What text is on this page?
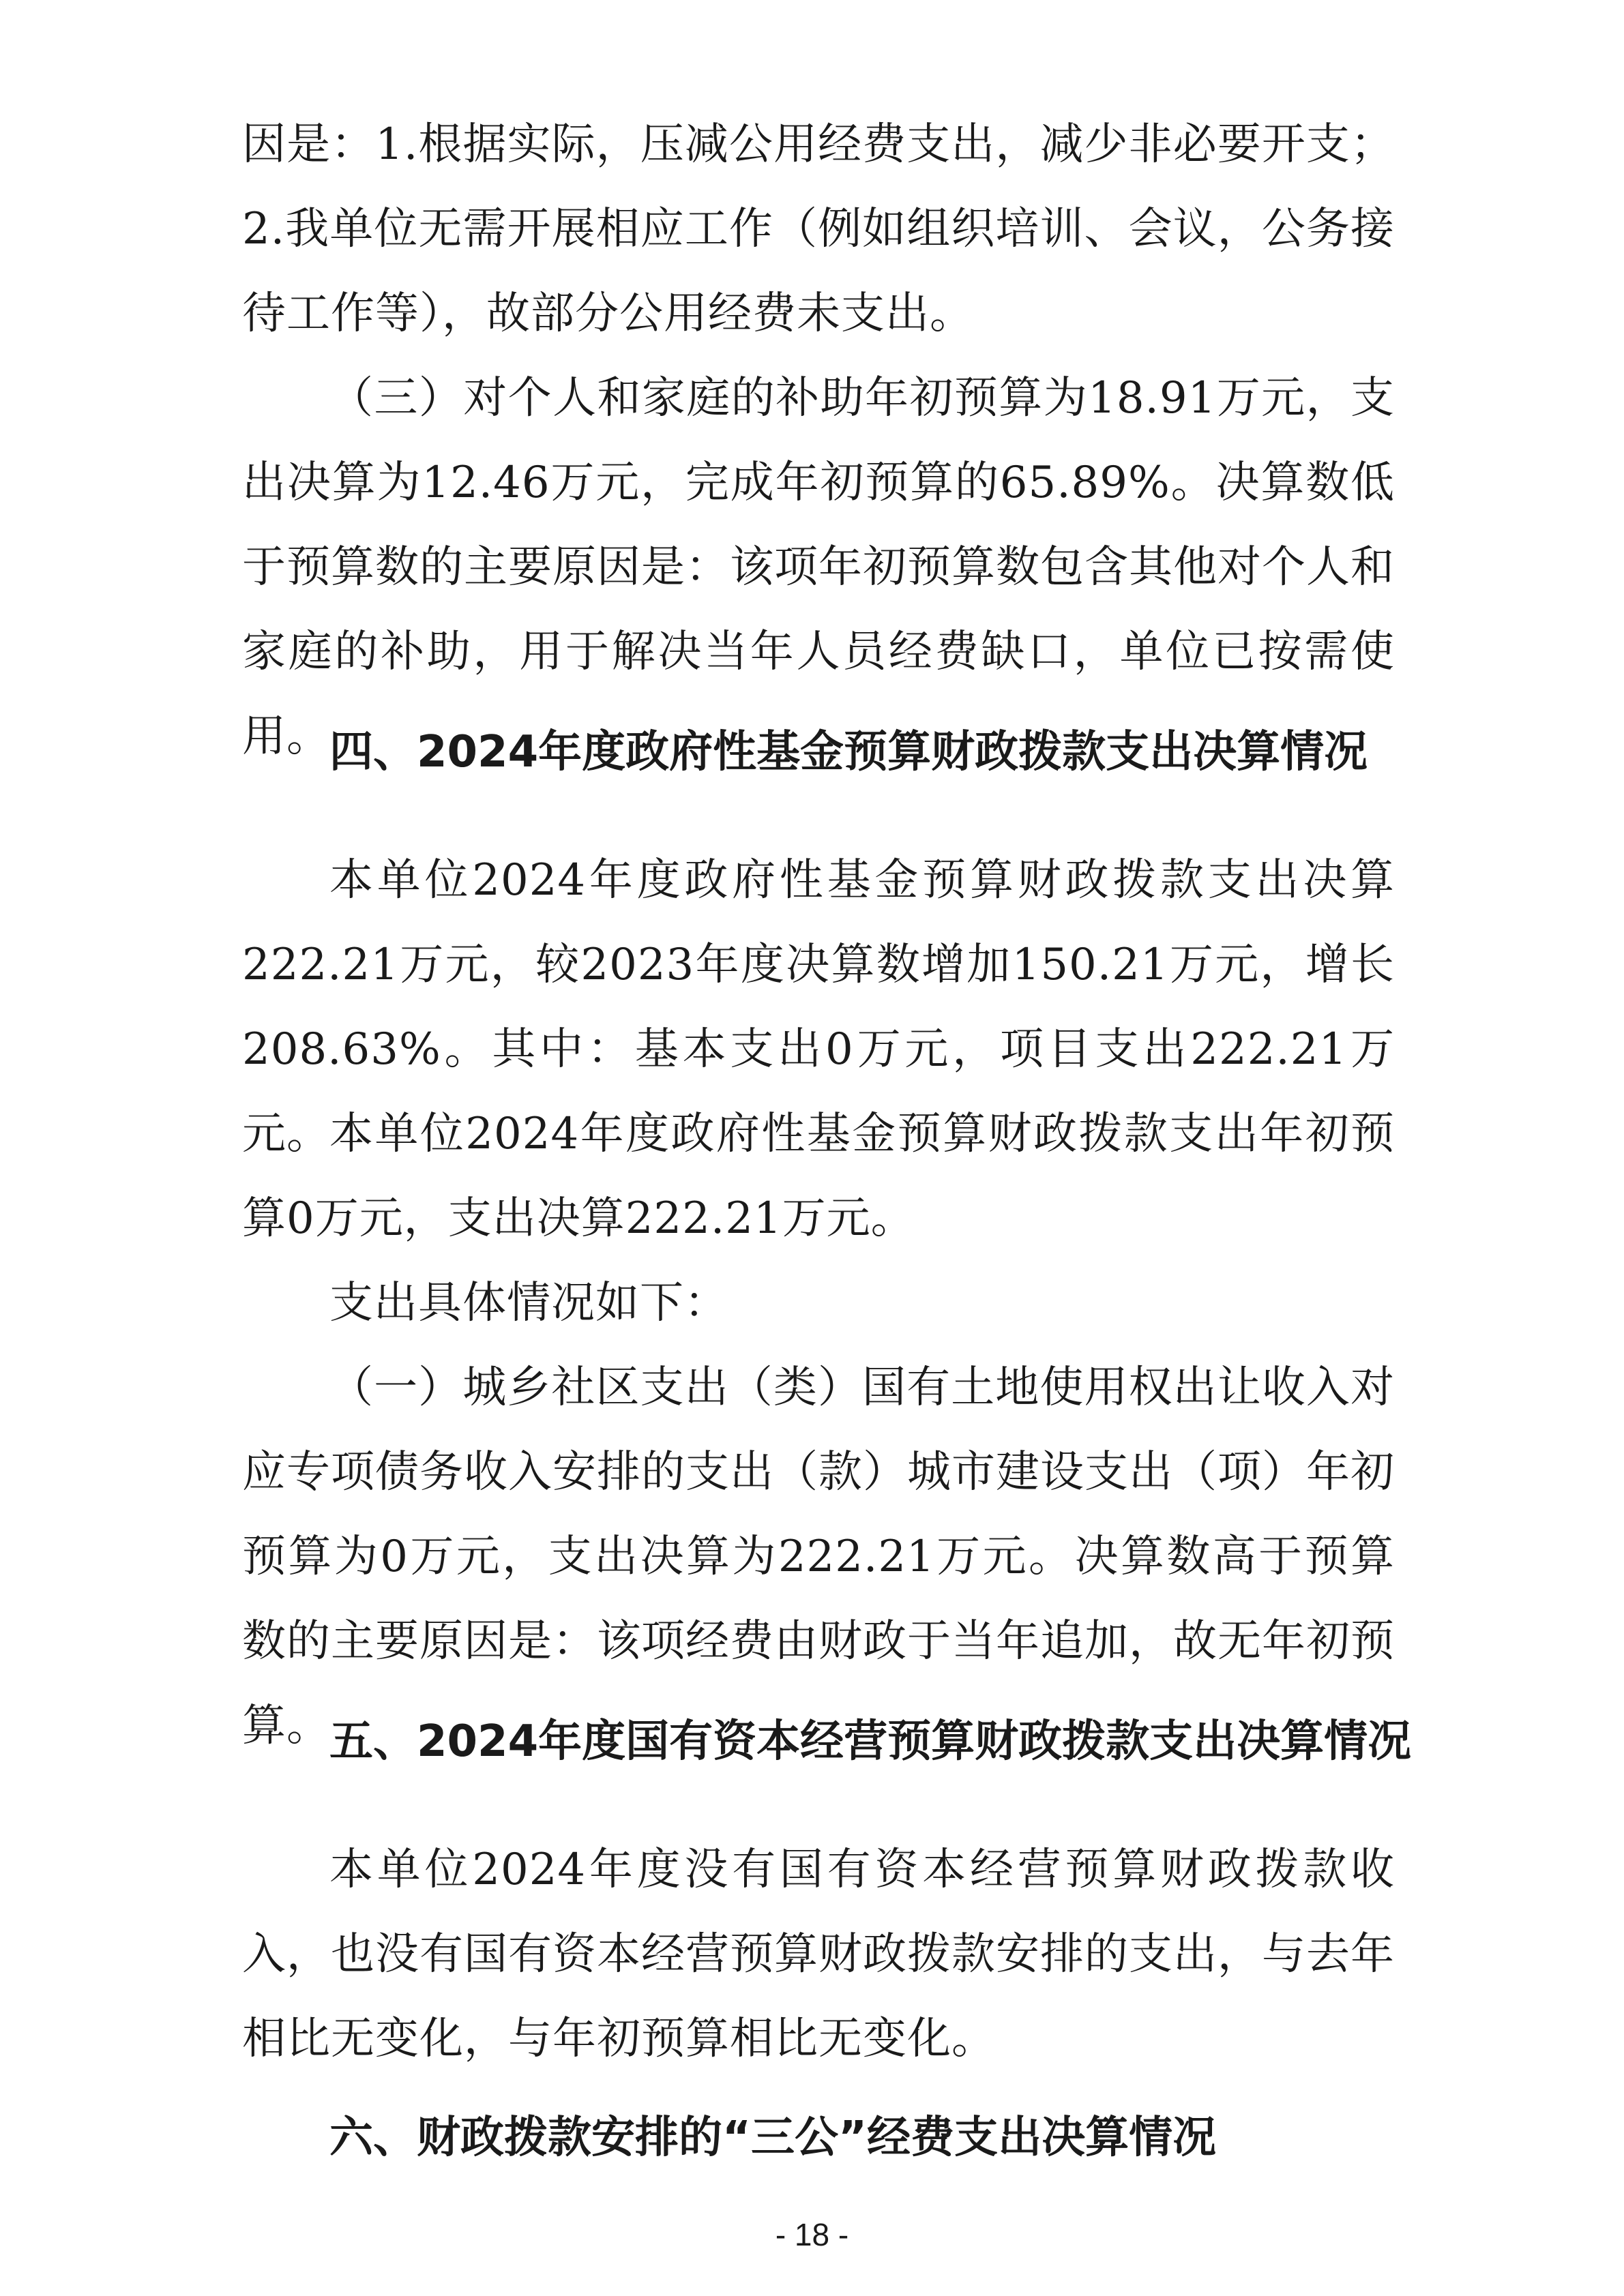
因是：1.根据实际，压减公用经费支出，减少非必要开支；2.我单位无需开展相应工作（例如组织培训、会议，公务接待工作等），故部分公用经费未支出。

（三）对个人和家庭的补助年初预算为18.91万元，支出决算为12.46万元，完成年初预算的65.89%。决算数低于预算数的主要原因是：该项年初预算数包含其他对个人和家庭的补助，用于解决当年人员经费缺口，单位已按需使用。

四、2024年度政府性基金预算财政拨款支出决算情况

本单位2024年度政府性基金预算财政拨款支出决算222.21万元，较2023年度决算数增加150.21万元，增长208.63%。其中：基本支出0万元，项目支出222.21万元。

本单位2024年度政府性基金预算财政拨款支出年初预算0万元，支出决算222.21万元。

支出具体情况如下：

（一）城乡社区支出（类）国有土地使用权出让收入对应专项债务收入安排的支出（款）城市建设支出（项）年初预算为0万元，支出决算为222.21万元。决算数高于预算数的主要原因是：该项经费由财政于当年追加，故无年初预算。

五、2024年度国有资本经营预算财政拨款支出决算情况

本单位2024年度没有国有资本经营预算财政拨款收入，也没有国有资本经营预算财政拨款安排的支出，与去年相比无变化，与年初预算相比无变化。

六、财政拨款安排的“三公”经费支出决算情况
- 18 -
